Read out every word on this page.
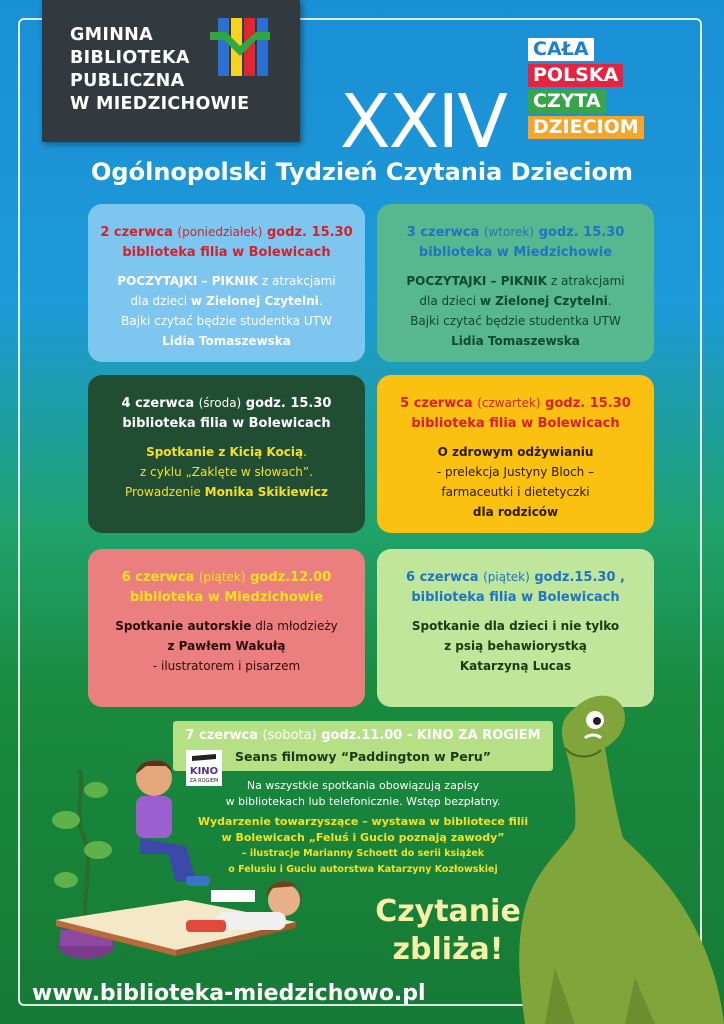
GMINNA
BIBLIOTEKA
PUBLICZNA
W MIEDZICHOWIE XXIV
CAŁA
POLSKA
CZYTA
DZIECIOM
Ogólnopolski Tydzień Czytania Dzieciom
2 czerwca (poniedziałek) godz. 15.30
biblioteka filia w Bolewicach
POCZYTAJKI – PIKNIK z atrakcjami
dla dzieci w Zielonej Czytelni.
Bajki czytać będzie studentka UTW
Lidia Tomaszewska
3 czerwca (wtorek) godz. 15.30
biblioteka w Miedzichowie
POCZYTAJKI – PIKNIK z atrakcjami
dla dzieci w Zielonej Czytelni.
Bajki czytać będzie studentka UTW
Lidia Tomaszewska
4 czerwca (środa) godz. 15.30
biblioteka filia w Bolewicach
Spotkanie z Kicią Kocią.
z cyklu „Zaklęte w słowach”.
Prowadzenie Monika Skikiewicz
5 czerwca (czwartek) godz. 15.30
biblioteka filia w Bolewicach
O zdrowym odżywianiu
- prelekcja Justyny Bloch –
farmaceutki i dietetyczki
dla rodziców
6 czerwca (piątek) godz.12.00
biblioteka w Miedzichowie
Spotkanie autorskie dla młodzieży
z Pawłem Wakułą
- ilustratorem i pisarzem
6 czerwca (piątek) godz.15.30 ,
biblioteka filia w Bolewicach
Spotkanie dla dzieci i nie tylko
z psią behawiorystką
Katarzyną Lucas
7 czerwca (sobota) godz.11.00 - KINO ZA ROGIEM
Seans filmowy “Paddington w Peru”
KINO
ZA ROGIEM	Na wszystkie spotkania obowiązują zapisy
w bibliotekach lub telefonicznie. Wstęp bezpłatny.
Wydarzenie towarzyszące – wystawa w bibliotece filii
w Bolewicach „Feluś i Gucio poznają zawody”
– ilustracje Marianny Schoett do serii książek
o Felusiu i Guciu autorstwa Katarzyny Kozłowskiej
Czytanie
zbliża!
www.biblioteka-miedzichowo.pl
